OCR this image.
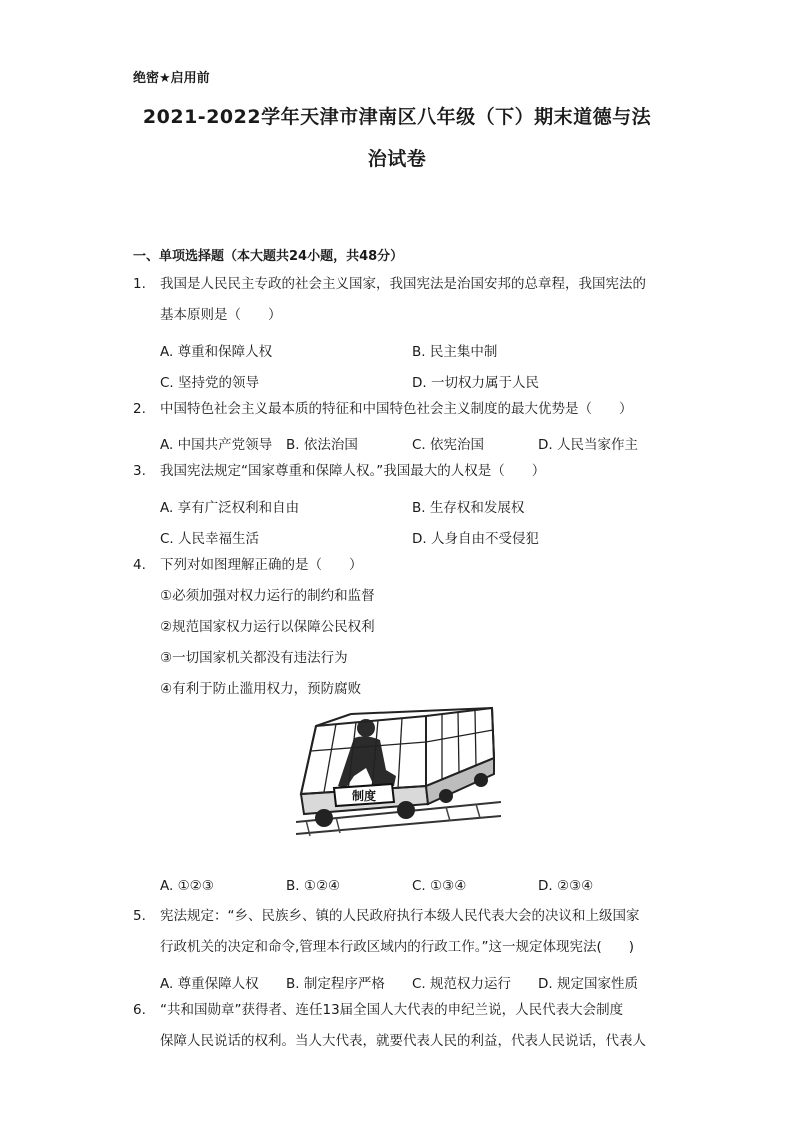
绝密★启用前
2021-2022学年天津市津南区八年级（下）期末道德与法
治试卷
一、单项选择题（本大题共24小题，共48分）
1. 我国是人民民主专政的社会主义国家，我国宪法是治国安邦的总章程，我国宪法的
基本原则是（　　）
A. 尊重和保障人权	B. 民主集中制
C. 坚持党的领导	D. 一切权力属于人民
2. 中国特色社会主义最本质的特征和中国特色社会主义制度的最大优势是（　　）
A. 中国共产党领导 B. 依法治国	C. 依宪治国	D. 人民当家作主
3. 我国宪法规定“国家尊重和保障人权。”我国最大的人权是（　　）
A. 享有广泛权利和自由	B. 生存权和发展权
C. 人民幸福生活	D. 人身自由不受侵犯
4. 下列对如图理解正确的是（　　）
①必须加强对权力运行的制约和监督
②规范国家权力运行以保障公民权利
③一切国家机关都没有违法行为
④有利于防止滥用权力，预防腐败
制度
A. ①②③	B. ①②④	C. ①③④	D. ②③④
5. 宪法规定：“乡、民族乡、镇的人民政府执行本级人民代表大会的决议和上级国家
行政机关的决定和命令,管理本行政区域内的行政工作。”这一规定体现宪法(　　)
A. 尊重保障人权 B. 制定程序严格 C. 规范权力运行 D. 规定国家性质
6. “共和国勋章”获得者、连任13届全国人大代表的申纪兰说，人民代表大会制度
保障人民说话的权利。当人大代表，就要代表人民的利益，代表人民说话，代表人
